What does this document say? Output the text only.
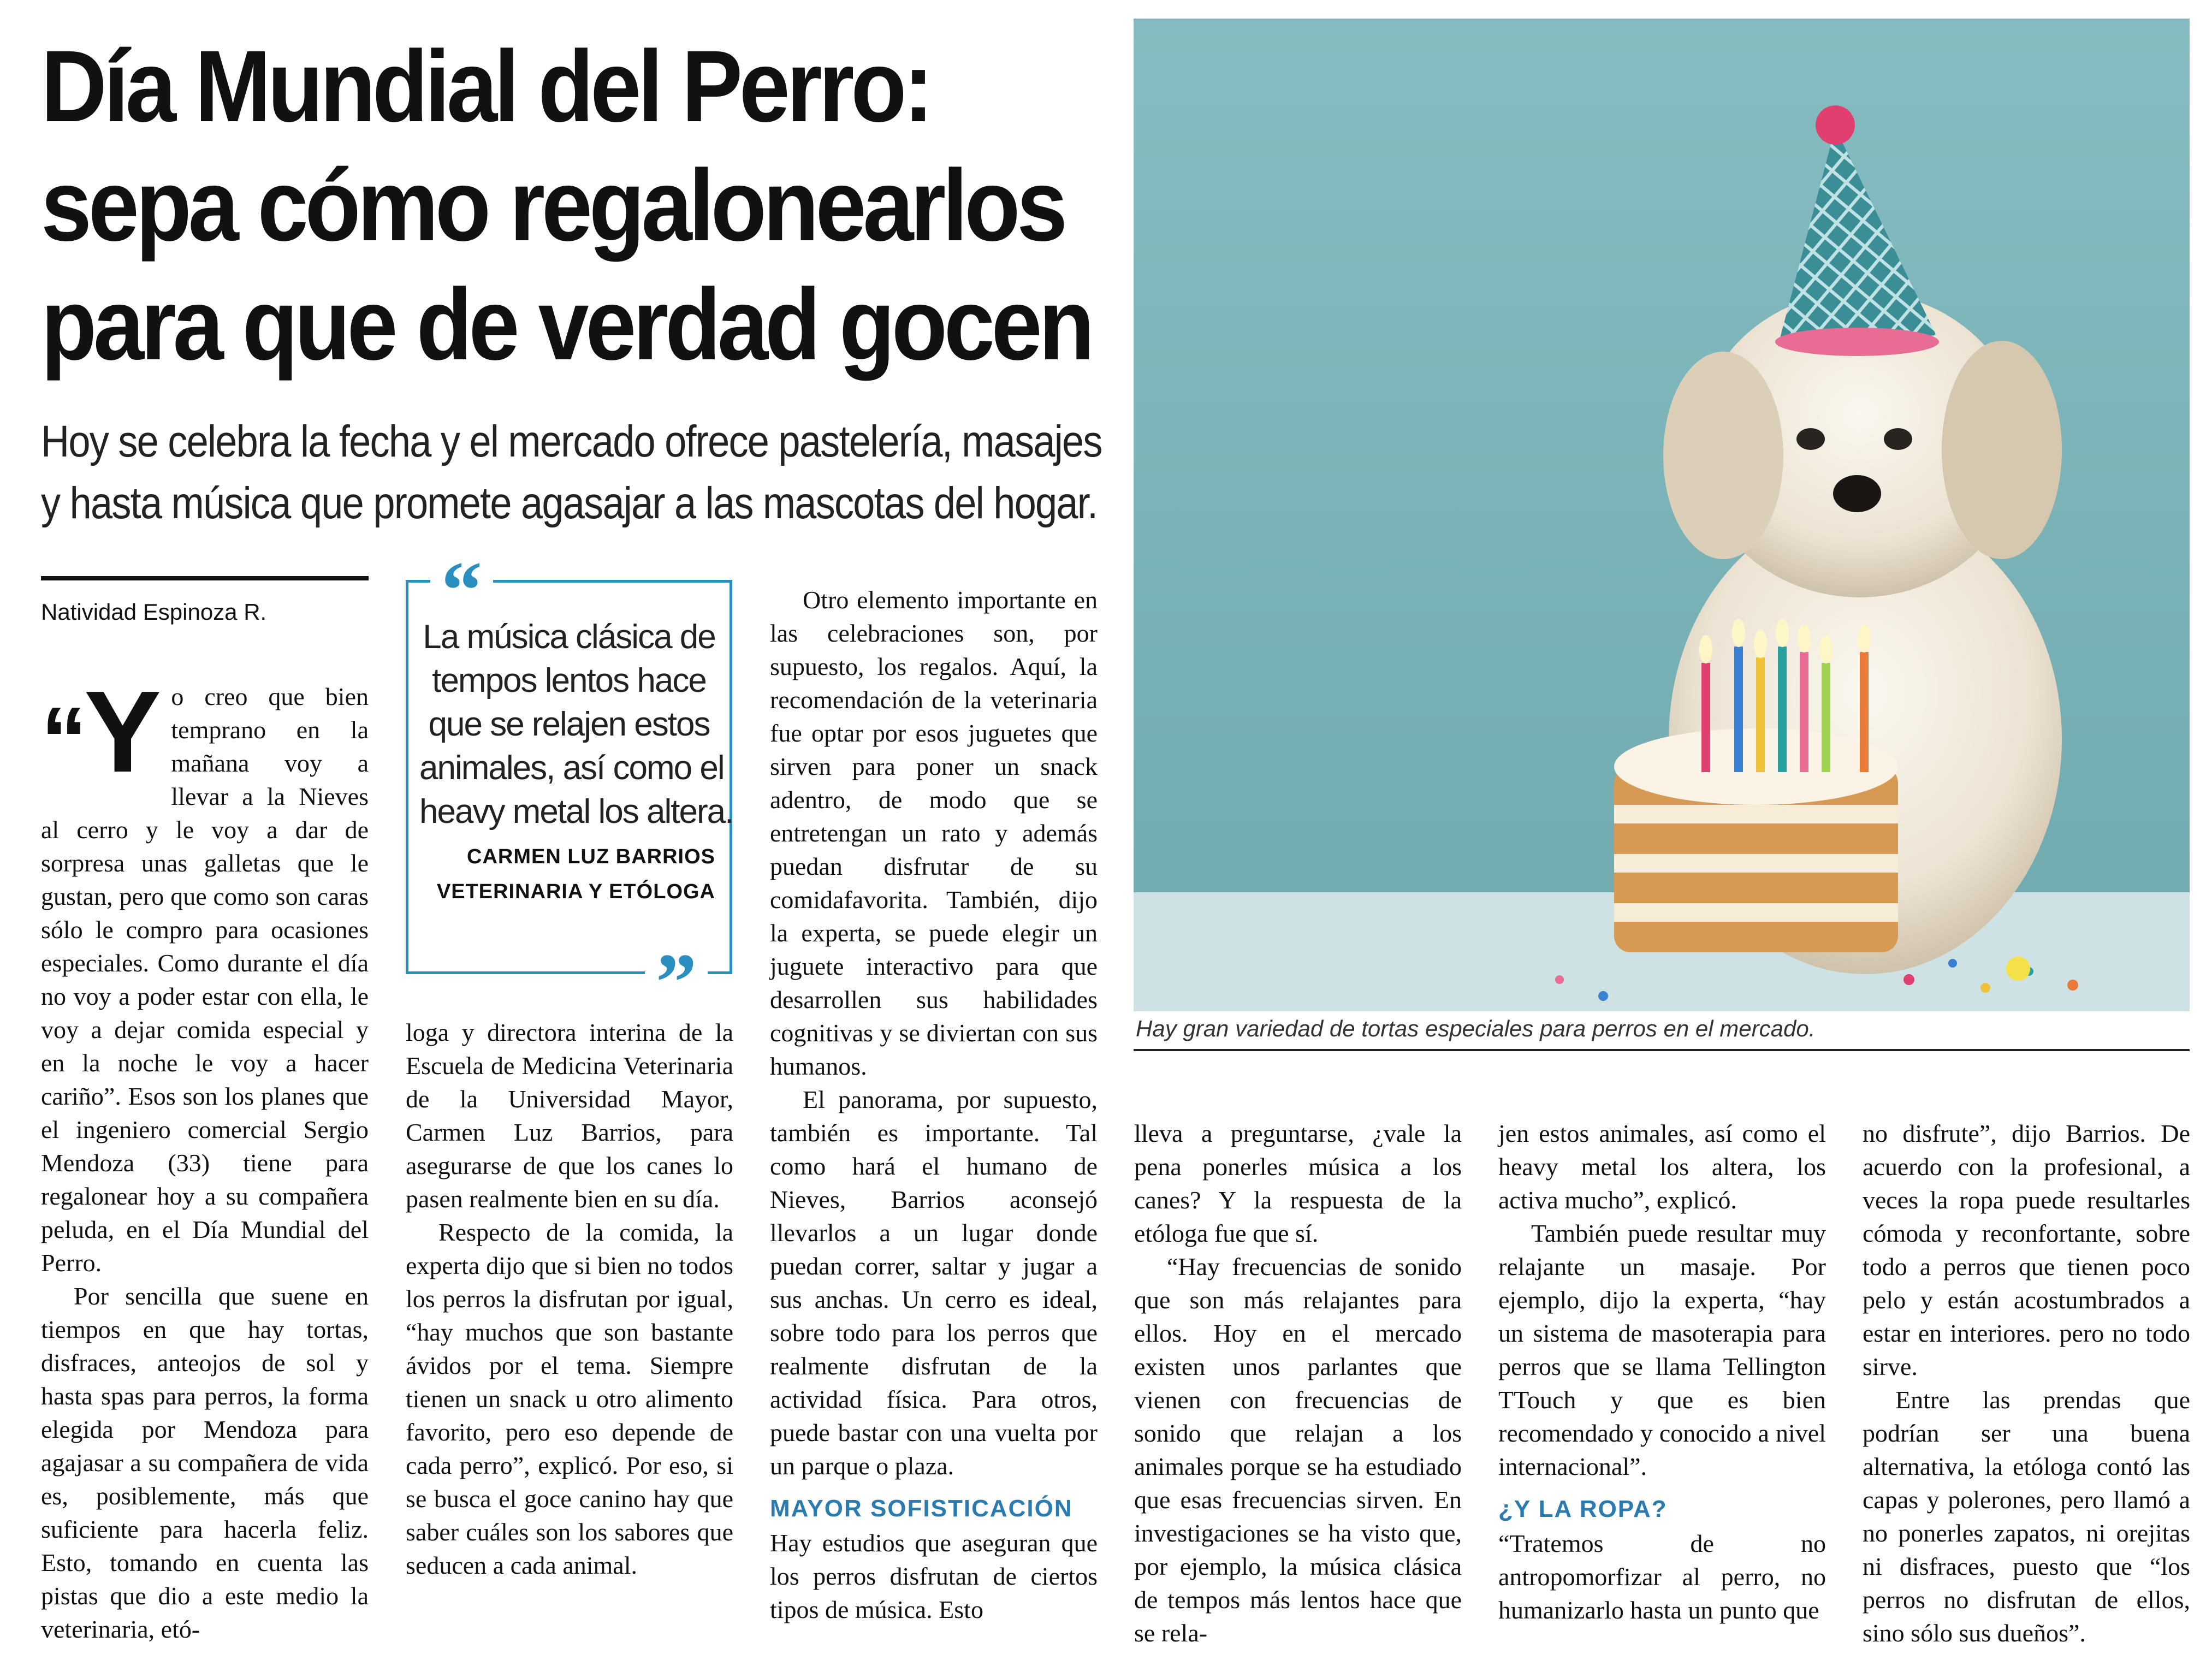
Día Mundial del Perro:
sepa cómo regalonearlos
para que de verdad gocen
Hoy se celebra la fecha y el mercado ofrece pastelería, masajes
y hasta música que promete agasajar a las mascotas del hogar.
Natividad Espinoza R.

“Y o creo que bien temprano en la mañana voy a llevar a la Nieves al cerro y le voy a dar de sorpresa unas galletas que le gustan, pero que como son caras sólo le compro para ocasiones especiales. Como durante el día no voy a poder estar con ella, le voy a dejar comida especial y en la noche le voy a hacer cariño”. Esos son los planes que el ingeniero comercial Sergio Mendoza (33) tiene para regalonear hoy a su compañera peluda, en el Día Mundial del Perro.

Por sencilla que suene en tiempos en que hay tortas, disfraces, anteojos de sol y hasta spas para perros, la forma elegida por Mendoza para agajasar a su compañera de vida es, posiblemente, más que suficiente para hacerla feliz. Esto, tomando en cuenta las pistas que dio a este medio la veterinaria, etó-

“
La música clásica de
tempos lentos hace
que se relajen estos
animales, así como el
heavy metal los altera.
CARMEN LUZ BARRIOS
VETERINARIA Y ETÓLOGA
”

loga y directora interina de la Escuela de Medicina Veterinaria de la Universidad Mayor, Carmen Luz Barrios, para asegurarse de que los canes lo pasen realmente bien en su día.

Respecto de la comida, la experta dijo que si bien no todos los perros la disfrutan por igual, “hay muchos que son bastante ávidos por el tema. Siempre tienen un snack u otro alimento favorito, pero eso depende de cada perro”, explicó. Por eso, si se busca el goce canino hay que saber cuáles son los sabores que seducen a cada animal.

Otro elemento importante en las celebraciones son, por supuesto, los regalos. Aquí, la recomendación de la veterinaria fue optar por esos juguetes que sirven para poner un snack adentro, de modo que se entretengan un rato y además puedan disfrutar de su comidafavorita. También, dijo la experta, se puede elegir un juguete interactivo para que desarrollen sus habilidades cognitivas y se diviertan con sus humanos.

El panorama, por supuesto, también es importante. Tal como hará el humano de Nieves, Barrios aconsejó llevarlos a un lugar donde puedan correr, saltar y jugar a sus anchas. Un cerro es ideal, sobre todo para los perros que realmente disfrutan de la actividad física. Para otros, puede bastar con una vuelta por un parque o plaza.

MAYOR SOFISTICACIÓN

Hay estudios que aseguran que los perros disfrutan de ciertos tipos de música. Esto

Hay gran variedad de tortas especiales para perros en el mercado.

lleva a preguntarse, ¿vale la pena ponerles música a los canes? Y la respuesta de la etóloga fue que sí.

“Hay frecuencias de sonido que son más relajantes para ellos. Hoy en el mercado existen unos parlantes que vienen con frecuencias de sonido que relajan a los animales porque se ha estudiado que esas frecuencias sirven. En investigaciones se ha visto que, por ejemplo, la música clásica de tempos más lentos hace que se rela-

jen estos animales, así como el heavy metal los altera, los activa mucho”, explicó.

También puede resultar muy relajante un masaje. Por ejemplo, dijo la experta, “hay un sistema de masoterapia para perros que se llama Tellington TTouch y que es bien recomendado y conocido a nivel internacional”.

¿Y LA ROPA?

“Tratemos de no antropomorfizar al perro, no humanizarlo hasta un punto que

no disfrute”, dijo Barrios. De acuerdo con la profesional, a veces la ropa puede resultarles cómoda y reconfortante, sobre todo a perros que tienen poco pelo y están acostumbrados a estar en interiores. pero no todo sirve.

Entre las prendas que podrían ser una buena alternativa, la etóloga contó las capas y polerones, pero llamó a no ponerles zapatos, ni orejitas ni disfraces, puesto que “los perros no disfrutan de ellos, sino sólo sus dueños”.
